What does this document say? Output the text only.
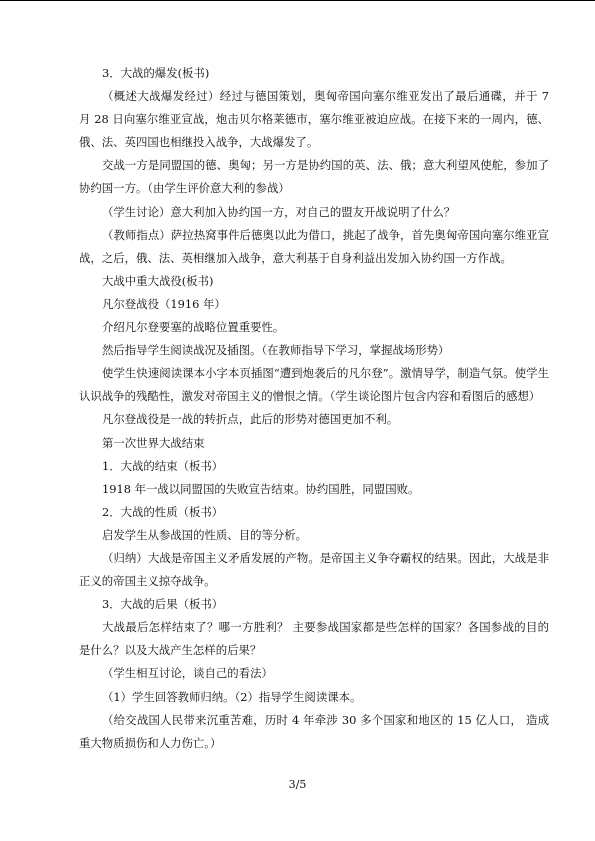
3．大战的爆发(板书)

（概述大战爆发经过）经过与德国策划，奥匈帝国向塞尔维亚发出了最后通碟，并于 7 月 28 日向塞尔维亚宣战，炮击贝尔格莱德市，塞尔维亚被迫应战。在接下来的一周内，德、俄、法、英四国也相继投入战争，大战爆发了。

交战一方是同盟国的德、奥匈；另一方是协约国的英、法、俄；意大利望风使舵，参加了协约国一方。（由学生评价意大利的参战）

（学生讨论）意大利加入协约国一方，对自己的盟友开战说明了什么？

（教师指点）萨拉热窝事件后德奥以此为借口，挑起了战争，首先奥匈帝国向塞尔维亚宣战，之后，俄、法、英相继加入战争，意大利基于自身利益出发加入协约国一方作战。

大战中重大战役(板书)

凡尔登战役（1916 年）

介绍凡尔登要塞的战略位置重要性。

然后指导学生阅读战况及插图。（在教师指导下学习，掌握战场形势）

使学生快速阅读课本小字本页插图“遭到炮袭后的凡尔登”。激情导学，制造气氛。使学生认识战争的残酷性，激发对帝国主义的憎恨之情。（学生谈论图片包含内容和看图后的感想）

凡尔登战役是一战的转折点，此后的形势对德国更加不利。

第一次世界大战结束

1．大战的结束（板书）

1918 年一战以同盟国的失败宣告结束。协约国胜，同盟国败。

2．大战的性质（板书）

启发学生从参战国的性质、目的等分析。

（归纳）大战是帝国主义矛盾发展的产物。是帝国主义争夺霸权的结果。因此，大战是非正义的帝国主义掠夺战争。

3．大战的后果（板书）

大战最后怎样结束了？哪一方胜利？ 主要参战国家都是些怎样的国家？各国参战的目的是什么？以及大战产生怎样的后果？

（学生相互讨论，谈自己的看法）

（1）学生回答教师归纳。（2）指导学生阅读课本。

（给交战国人民带来沉重苦难，历时 4 年牵涉 30 多个国家和地区的 15 亿人口， 造成重大物质损伤和人力伤亡。）

3/5
